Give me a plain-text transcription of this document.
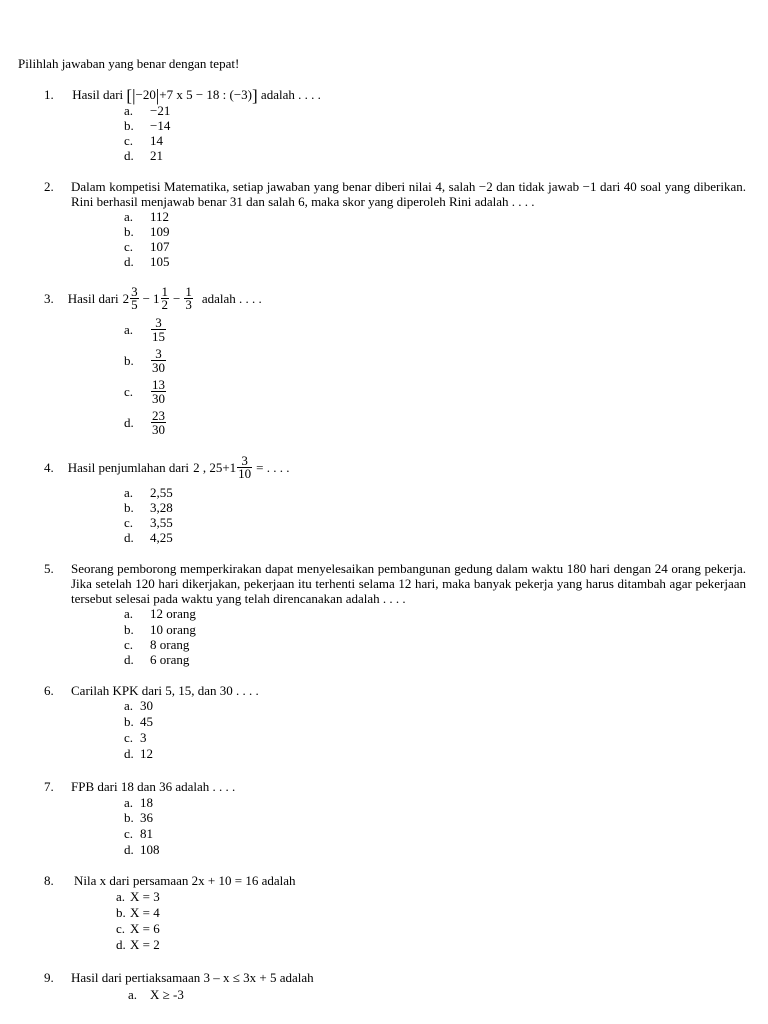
Pilihlah jawaban yang benar dengan tepat!
1. Hasil dari [|−20|+7 x 5 − 18 : (−3)] adalah . . . .
a. −21
b. −14
c. 14
d. 21
2. Dalam kompetisi Matematika, setiap jawaban yang benar diberi nilai 4, salah −2 dan tidak jawab −1 dari 40 soal yang diberikan. Rini berhasil menjawab benar 31 dan salah 6, maka skor yang diperoleh Rini adalah . . . .
a. 112
b. 109
c. 107
d. 105
3. Hasil dari $2 \frac{3}{5} - 1 \frac{1}{2} - \frac{1}{3}$ adalah . . . .
a.	$\frac{3}{15}$
b.	$\frac{3}{30}$
c.	$\frac{13}{30}$
d.	$\frac{23}{30}$
4. Hasil penjumlahan dari 2 , $25+1 \frac{3}{10}$ = . . . .
a. 2,55
b. 3,28
c. 3,55
d. 4,25
5. Seorang pemborong memperkirakan dapat menyelesaikan pembangunan gedung dalam waktu 180 hari dengan 24 orang pekerja. Jika setelah 120 hari dikerjakan, pekerjaan itu terhenti selama 12 hari, maka banyak pekerja yang harus ditambah agar pekerjaan tersebut selesai pada waktu yang telah direncanakan adalah . . . .
a. 12 orang
b. 10 orang
c. 8 orang
d. 6 orang
6. Carilah KPK dari 5, 15, dan 30 . . . .
a. 30
b. 45
c. 3
d. 12
7. FPB dari 18 dan 36 adalah . . . .
a. 18
b. 36
c. 81
d. 108
8. Nila x dari persamaan 2x + 10 = 16 adalah
a. X = 3
b. X = 4
c. X = 6
d. X = 2
9. Hasil dari pertiaksamaan 3 – x ≤ 3x + 5 adalah
a. X ≥ -3
